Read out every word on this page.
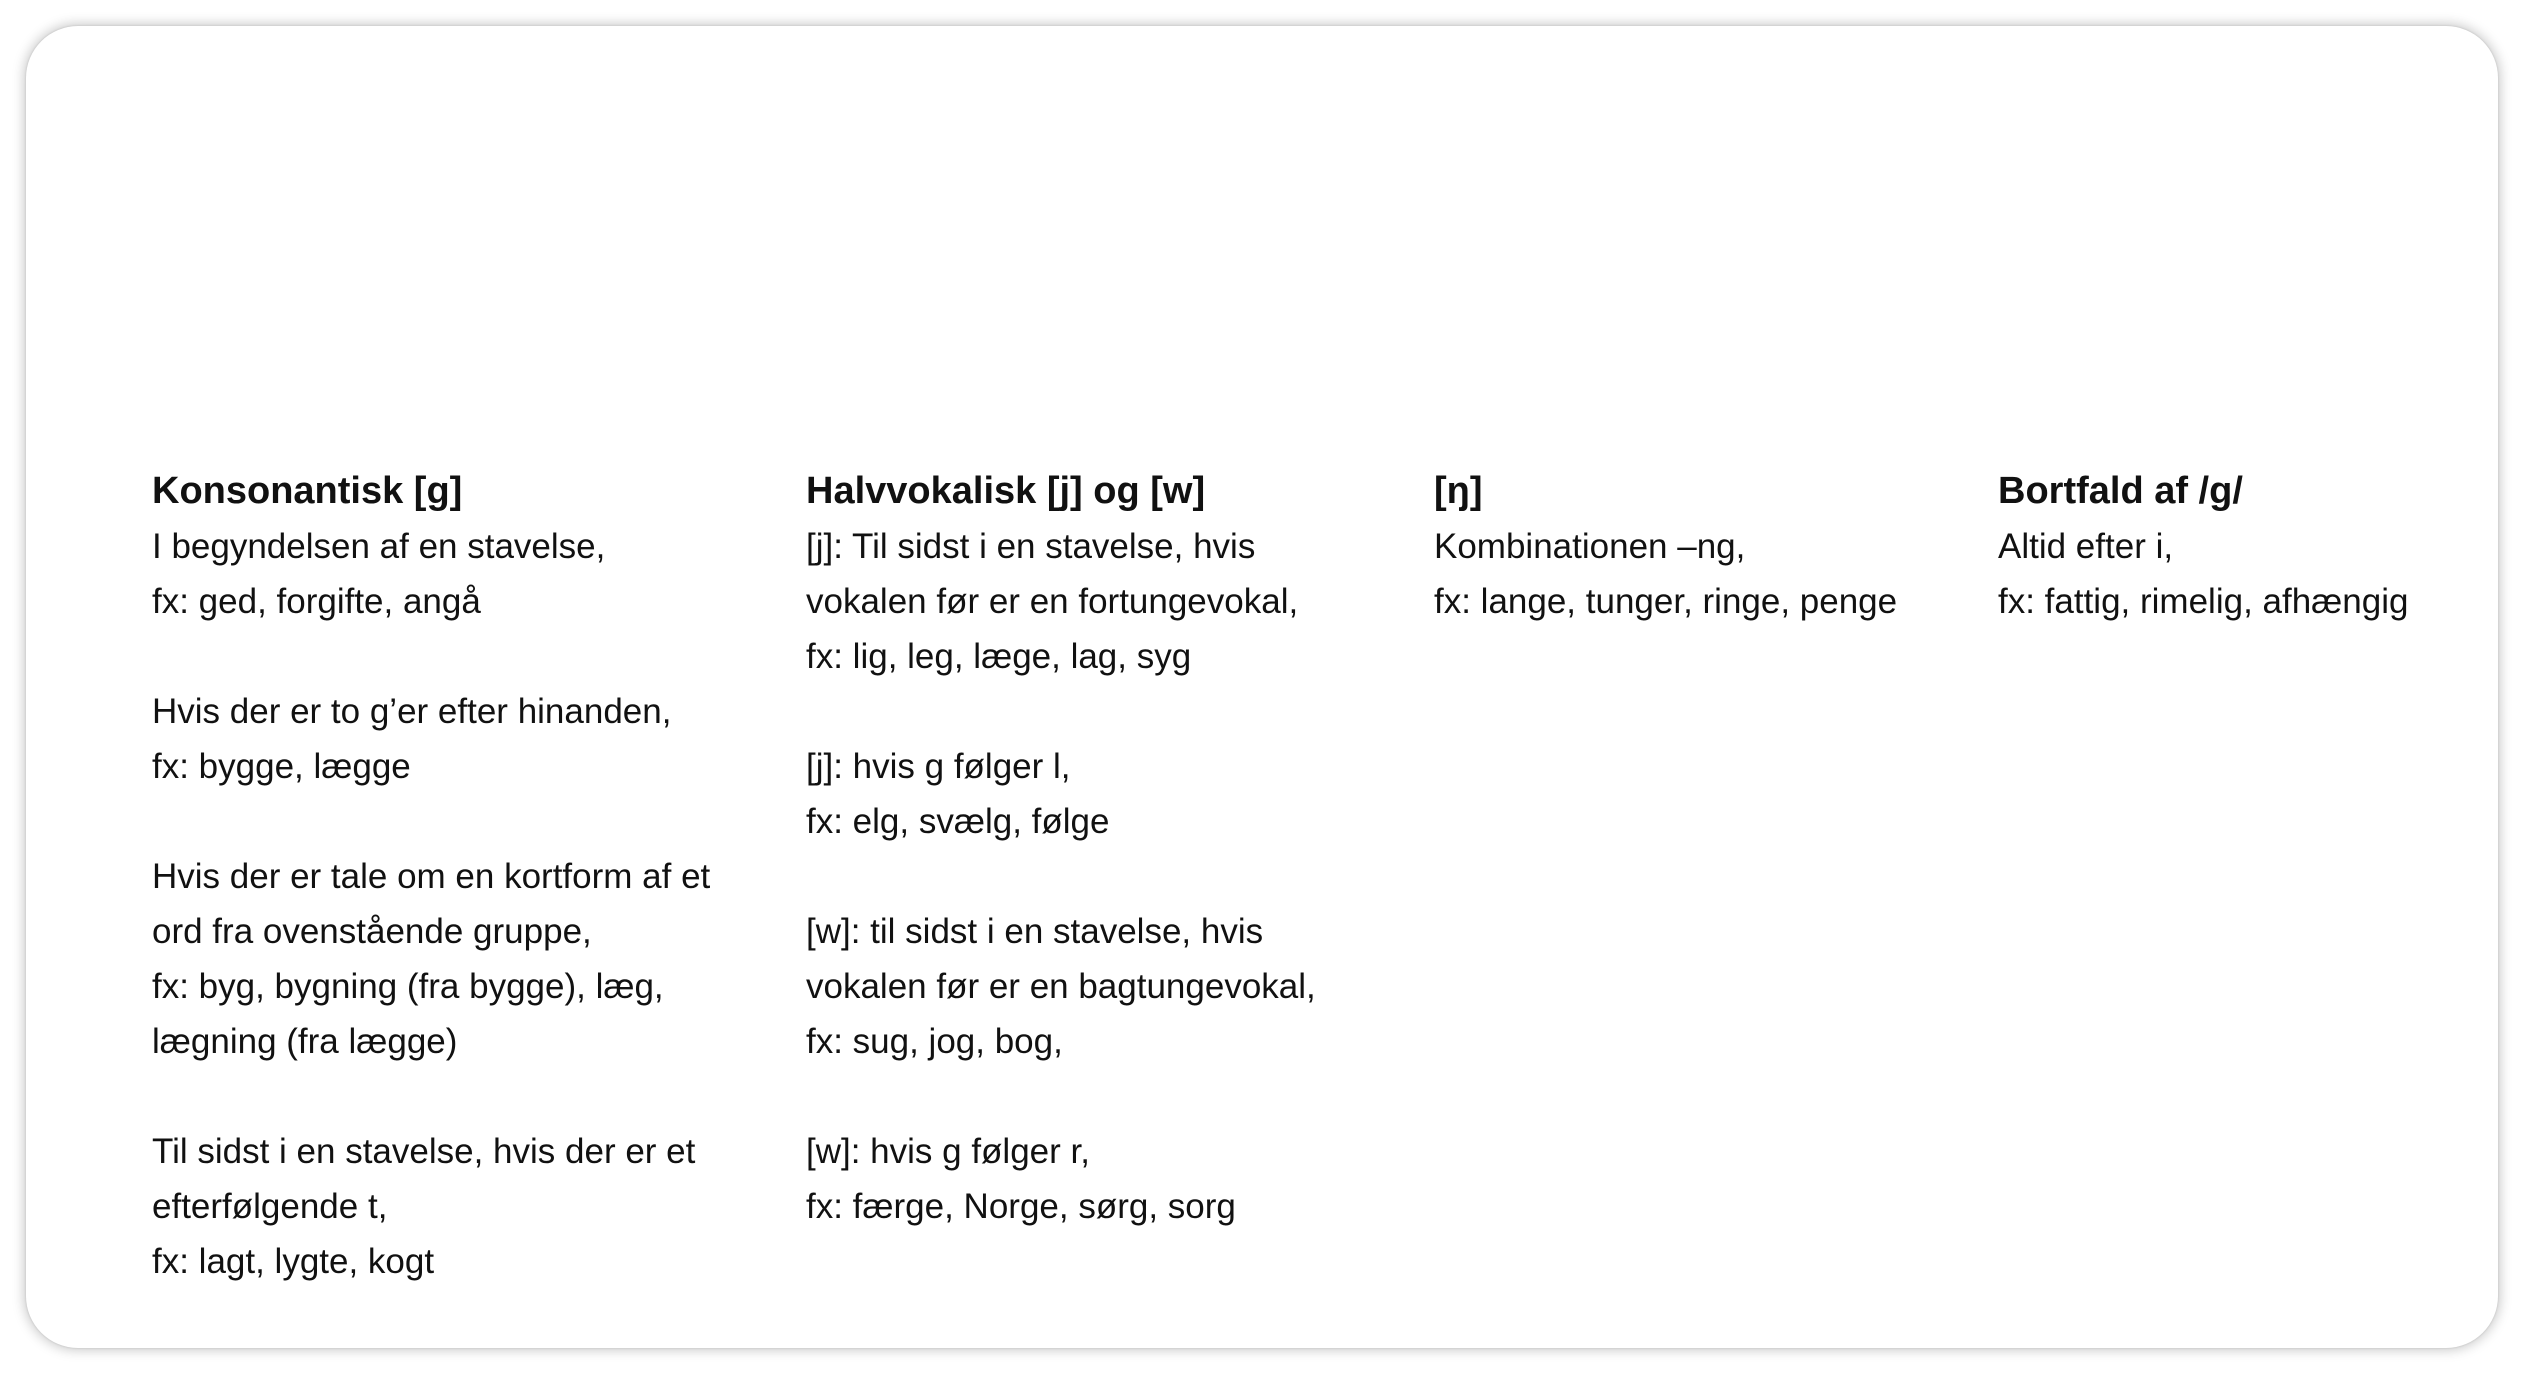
Konsonantisk [g]
I begyndelsen af en stavelse,
fx: ged, forgifte, angå
Hvis der er to g’er efter hinanden,
fx: bygge, lægge
Hvis der er tale om en kortform af et
ord fra ovenstående gruppe,
fx: byg, bygning (fra bygge), læg,
lægning (fra lægge)
Til sidst i en stavelse, hvis der er et
efterfølgende t,
fx: lagt, lygte, kogt
Halvvokalisk [j] og [w]
[j]: Til sidst i en stavelse, hvis
vokalen før er en fortungevokal,
fx: lig, leg, læge, lag, syg
[j]: hvis g følger l,
fx: elg, svælg, følge
[w]: til sidst i en stavelse, hvis
vokalen før er en bagtungevokal,
fx: sug, jog, bog,
[w]: hvis g følger r,
fx: færge, Norge, sørg, sorg
[ŋ]
Kombinationen –ng,
fx: lange, tunger, ringe, penge
Bortfald af /g/
Altid efter i,
fx: fattig, rimelig, afhængig
